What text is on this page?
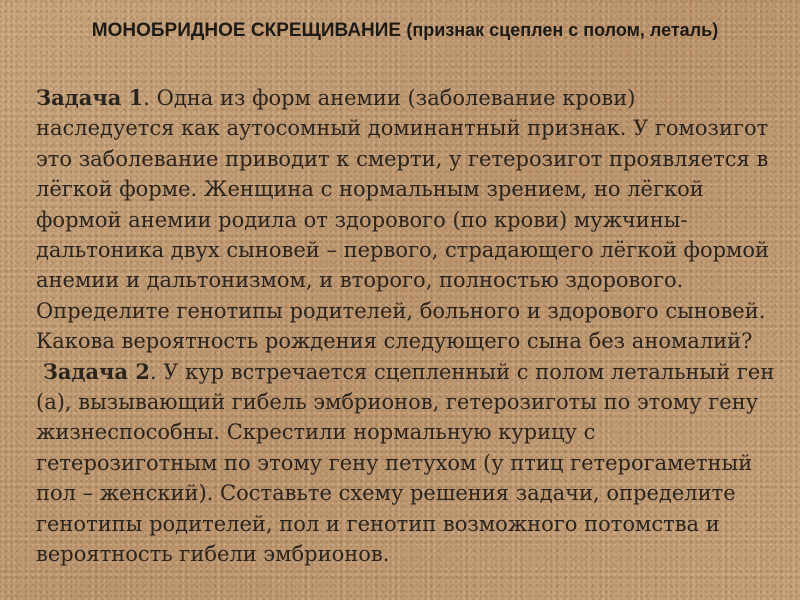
МОНОБРИДНОЕ СКРЕЩИВАНИЕ (признак сцеплен с полом, леталь)

Задача 1. Одна из форм анемии (заболевание крови) наследуется как аутосомный доминантный признак. У гомозигот это заболевание приводит к смерти, у гетерозигот проявляется в лёгкой форме. Женщина с нормальным зрением, но лёгкой формой анемии родила от здорового (по крови) мужчины-дальтоника двух сыновей – первого, страдающего лёгкой формой анемии и дальтонизмом, и второго, полностью здорового. Определите генотипы родителей, больного и здорового сыновей. Какова вероятность рождения следующего сына без аномалий?

Задача 2. У кур встречается сцепленный с полом летальный ген (а), вызывающий гибель эмбрионов, гетерозиготы по этому гену жизнеспособны. Скрестили нормальную курицу с гетерозиготным по этому гену петухом (у птиц гетерогаметный пол – женский). Составьте схему решения задачи, определите генотипы родителей, пол и генотип возможного потомства и вероятность гибели эмбрионов.
